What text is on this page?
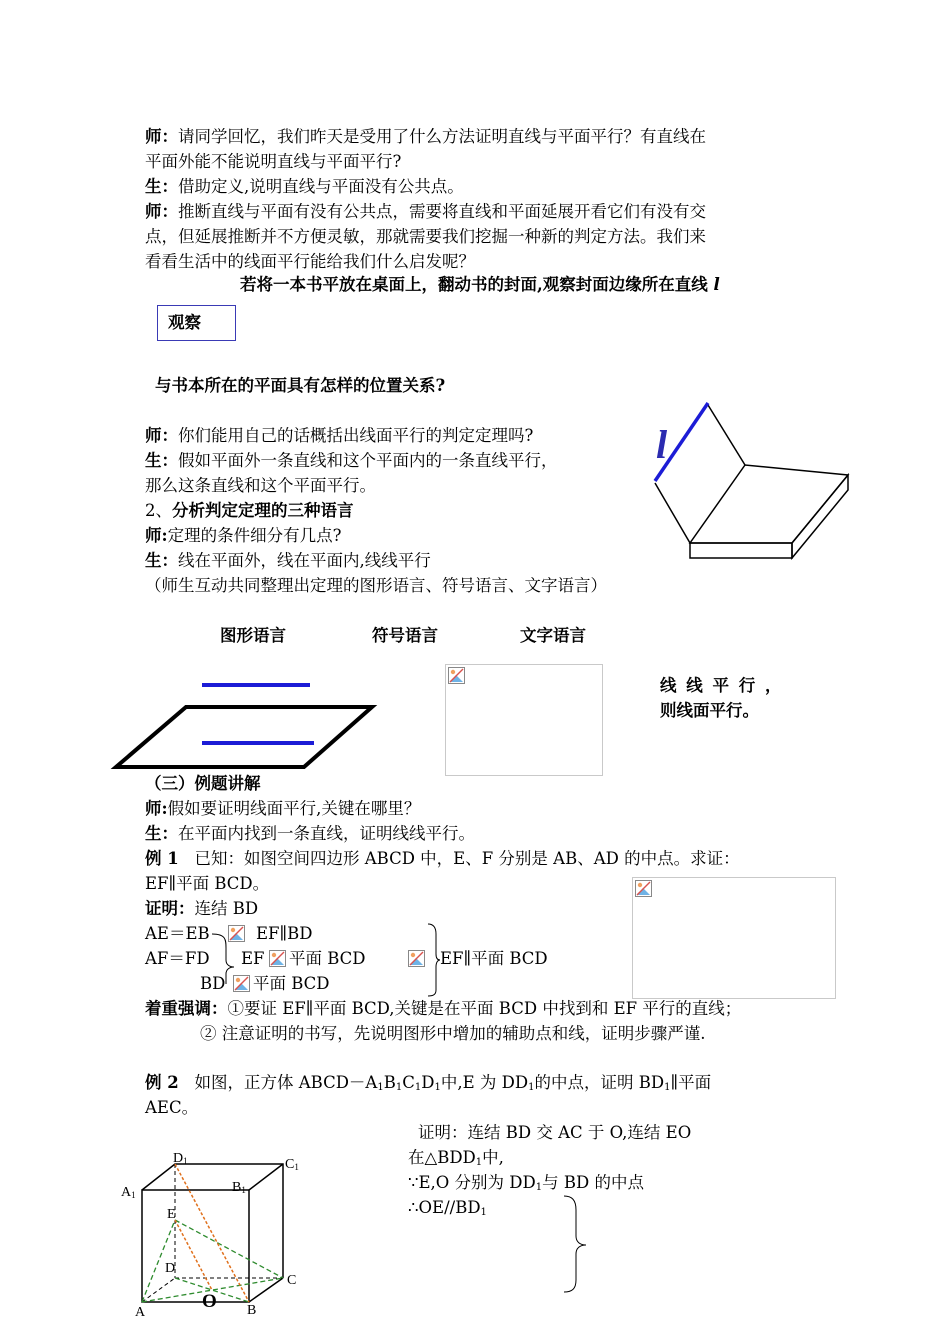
师：请同学回忆，我们昨天是受用了什么方法证明直线与平面平行？有直线在
平面外能不能说明直线与平面平行?
生：借助定义,说明直线与平面没有公共点。
师：推断直线与平面有没有公共点，需要将直线和平面延展开看它们有没有交
点，但延展推断并不方便灵敏，那就需要我们挖掘一种新的判定方法。我们来
看看生活中的线面平行能给我们什么启发呢？
若将一本书平放在桌面上，翻动书的封面,观察封面边缘所在直线 l
观察
与书本所在的平面具有怎样的位置关系?
l
师：你们能用自己的话概括出线面平行的判定定理吗?
生：假如平面外一条直线和这个平面内的一条直线平行，
那么这条直线和这个平面平行。
2、分析判定定理的三种语言
师:定理的条件细分有几点?
生：线在平面外，线在平面内,线线平行
（师生互动共同整理出定理的图形语言、符号语言、文字语言）
图形语言	符号语言	文字语言
线 线 平 行 ，
则线面平行。
（三）例题讲解
师:假如要证明线面平行,关键在哪里？
生：在平面内找到一条直线，证明线线平行。
例 1 已知：如图空间四边形 ABCD 中，E、F 分别是 AB、AD 的中点。求证：
EF∥平面 BCD。
证明：连结 BD
AE＝EB	EF∥BD
AF＝FD EF 平面 BCD	EF∥平面 BCD
BD 平面 BCD
着重强调：①要证 EF∥平面 BCD,关键是在平面 BCD 中找到和 EF 平行的直线；
② 注意证明的书写，先说明图形中增加的辅助点和线，证明步骤严谨.
例 2 如图，正方体 $ABCD-A_1B_1C_1D_1$中,E 为 $DD_1$的中点，证明 $BD_1\parallel$平面
AEC。
证明：连结 BD 交 AC 于 O,连结 EO
在$\triangle BDD_1$中,
∵E,O 分别为 $DD_1$与 BD 的中点
$\therefore OE//BD_1$
D1	C1
A1	B1
E
D
C
A	B
O
